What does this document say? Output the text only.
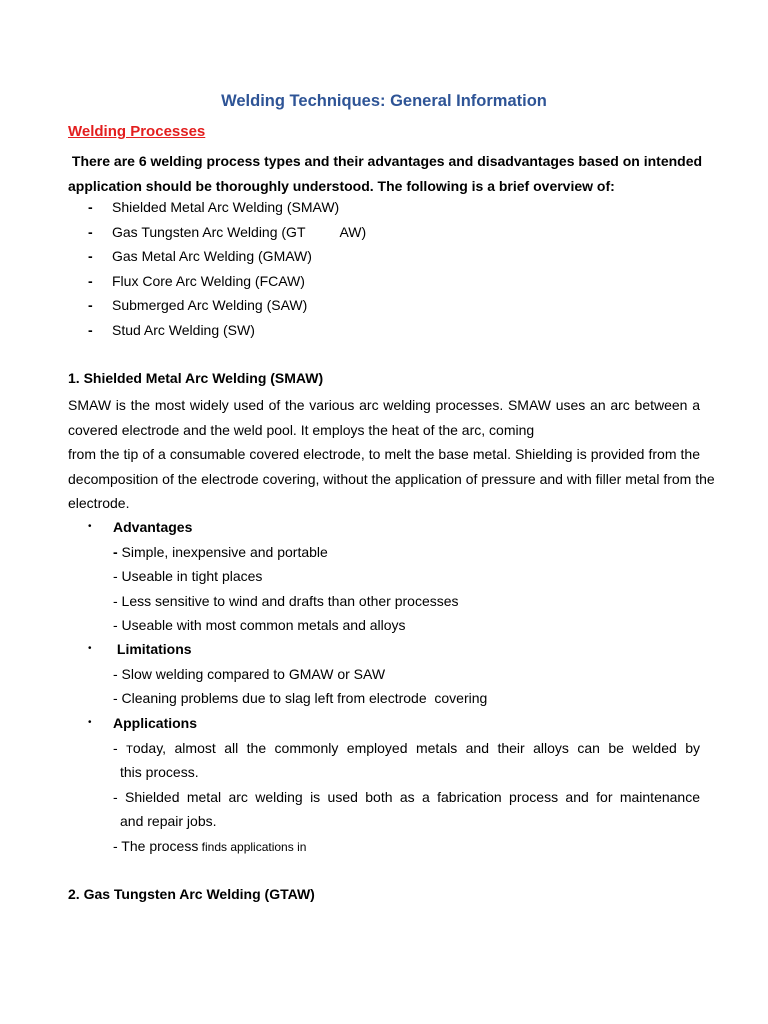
Welding Techniques: General Information
Welding Processes
There are 6 welding process types and their advantages and disadvantages based on intended
application should be thoroughly understood. The following is a brief overview of:
-	Shielded Metal Arc Welding (SMAW)
-	Gas Tungsten Arc Welding (GT         AW)
-	Gas Metal Arc Welding (GMAW)
-	Flux Core Arc Welding (FCAW)
-	Submerged Arc Welding (SAW)
-	Stud Arc Welding (SW)
1. Shielded Metal Arc Welding (SMAW)
SMAW is the most widely used of the various arc welding processes. SMAW uses an arc between a
covered electrode and the weld pool. It employs the heat of the arc, coming
from the tip of a consumable covered electrode, to melt the base metal. Shielding is provided from the
decomposition of the electrode covering, without the application of pressure and with filler metal from the
electrode.
•	Advantages
- Simple, inexpensive and portable
- Useable in tight places
- Less sensitive to wind and drafts than other processes
- Useable with most common metals and alloys
•	Limitations
- Slow welding compared to GMAW or SAW
- Cleaning problems due to slag left from electrode  covering
•	Applications
- Today, almost all the commonly employed metals and their alloys can be welded by
this process.
- Shielded metal arc welding is used both as a fabrication process and for maintenance
and repair jobs.
- The process finds applications in
2. Gas Tungsten Arc Welding (GTAW)
